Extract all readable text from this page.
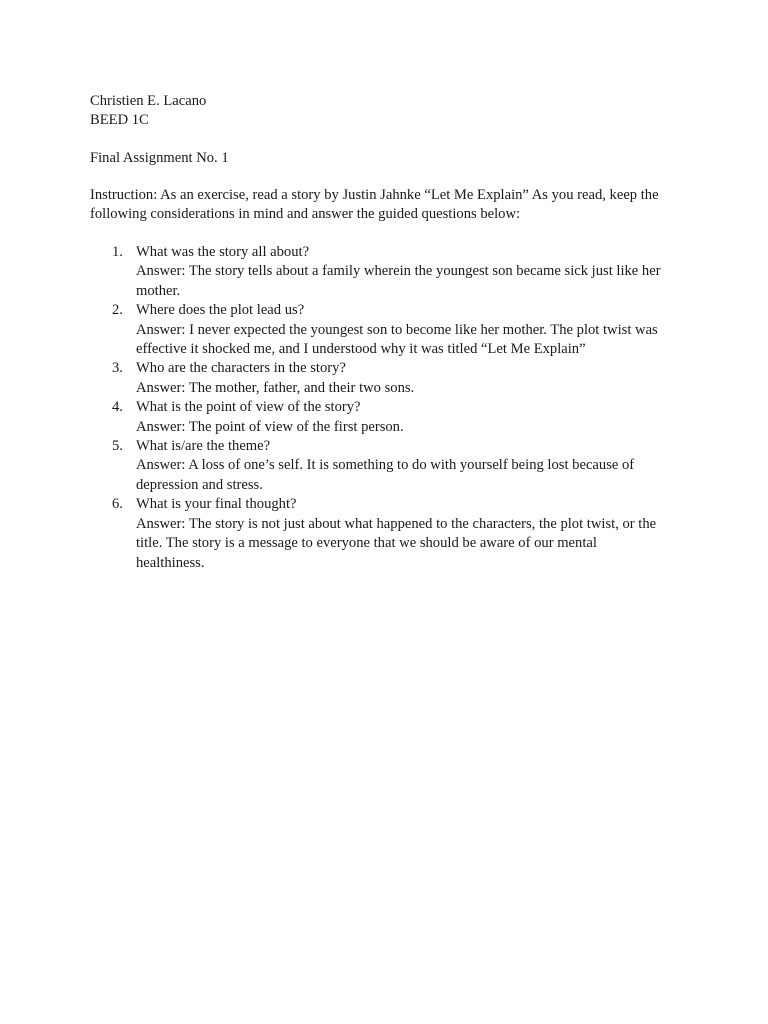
Christien E. Lacano
BEED 1C
Final Assignment No. 1
Instruction: As an exercise, read a story by Justin Jahnke “Let Me Explain” As you read, keep the
following considerations in mind and answer the guided questions below:
1. What was the story all about?
Answer: The story tells about a family wherein the youngest son became sick just like her
mother.
2. Where does the plot lead us?
Answer: I never expected the youngest son to become like her mother. The plot twist was
effective it shocked me, and I understood why it was titled “Let Me Explain”
3. Who are the characters in the story?
Answer: The mother, father, and their two sons.
4. What is the point of view of the story?
Answer: The point of view of the first person.
5. What is/are the theme?
Answer: A loss of one’s self. It is something to do with yourself being lost because of
depression and stress.
6. What is your final thought?
Answer: The story is not just about what happened to the characters, the plot twist, or the
title. The story is a message to everyone that we should be aware of our mental
healthiness.
